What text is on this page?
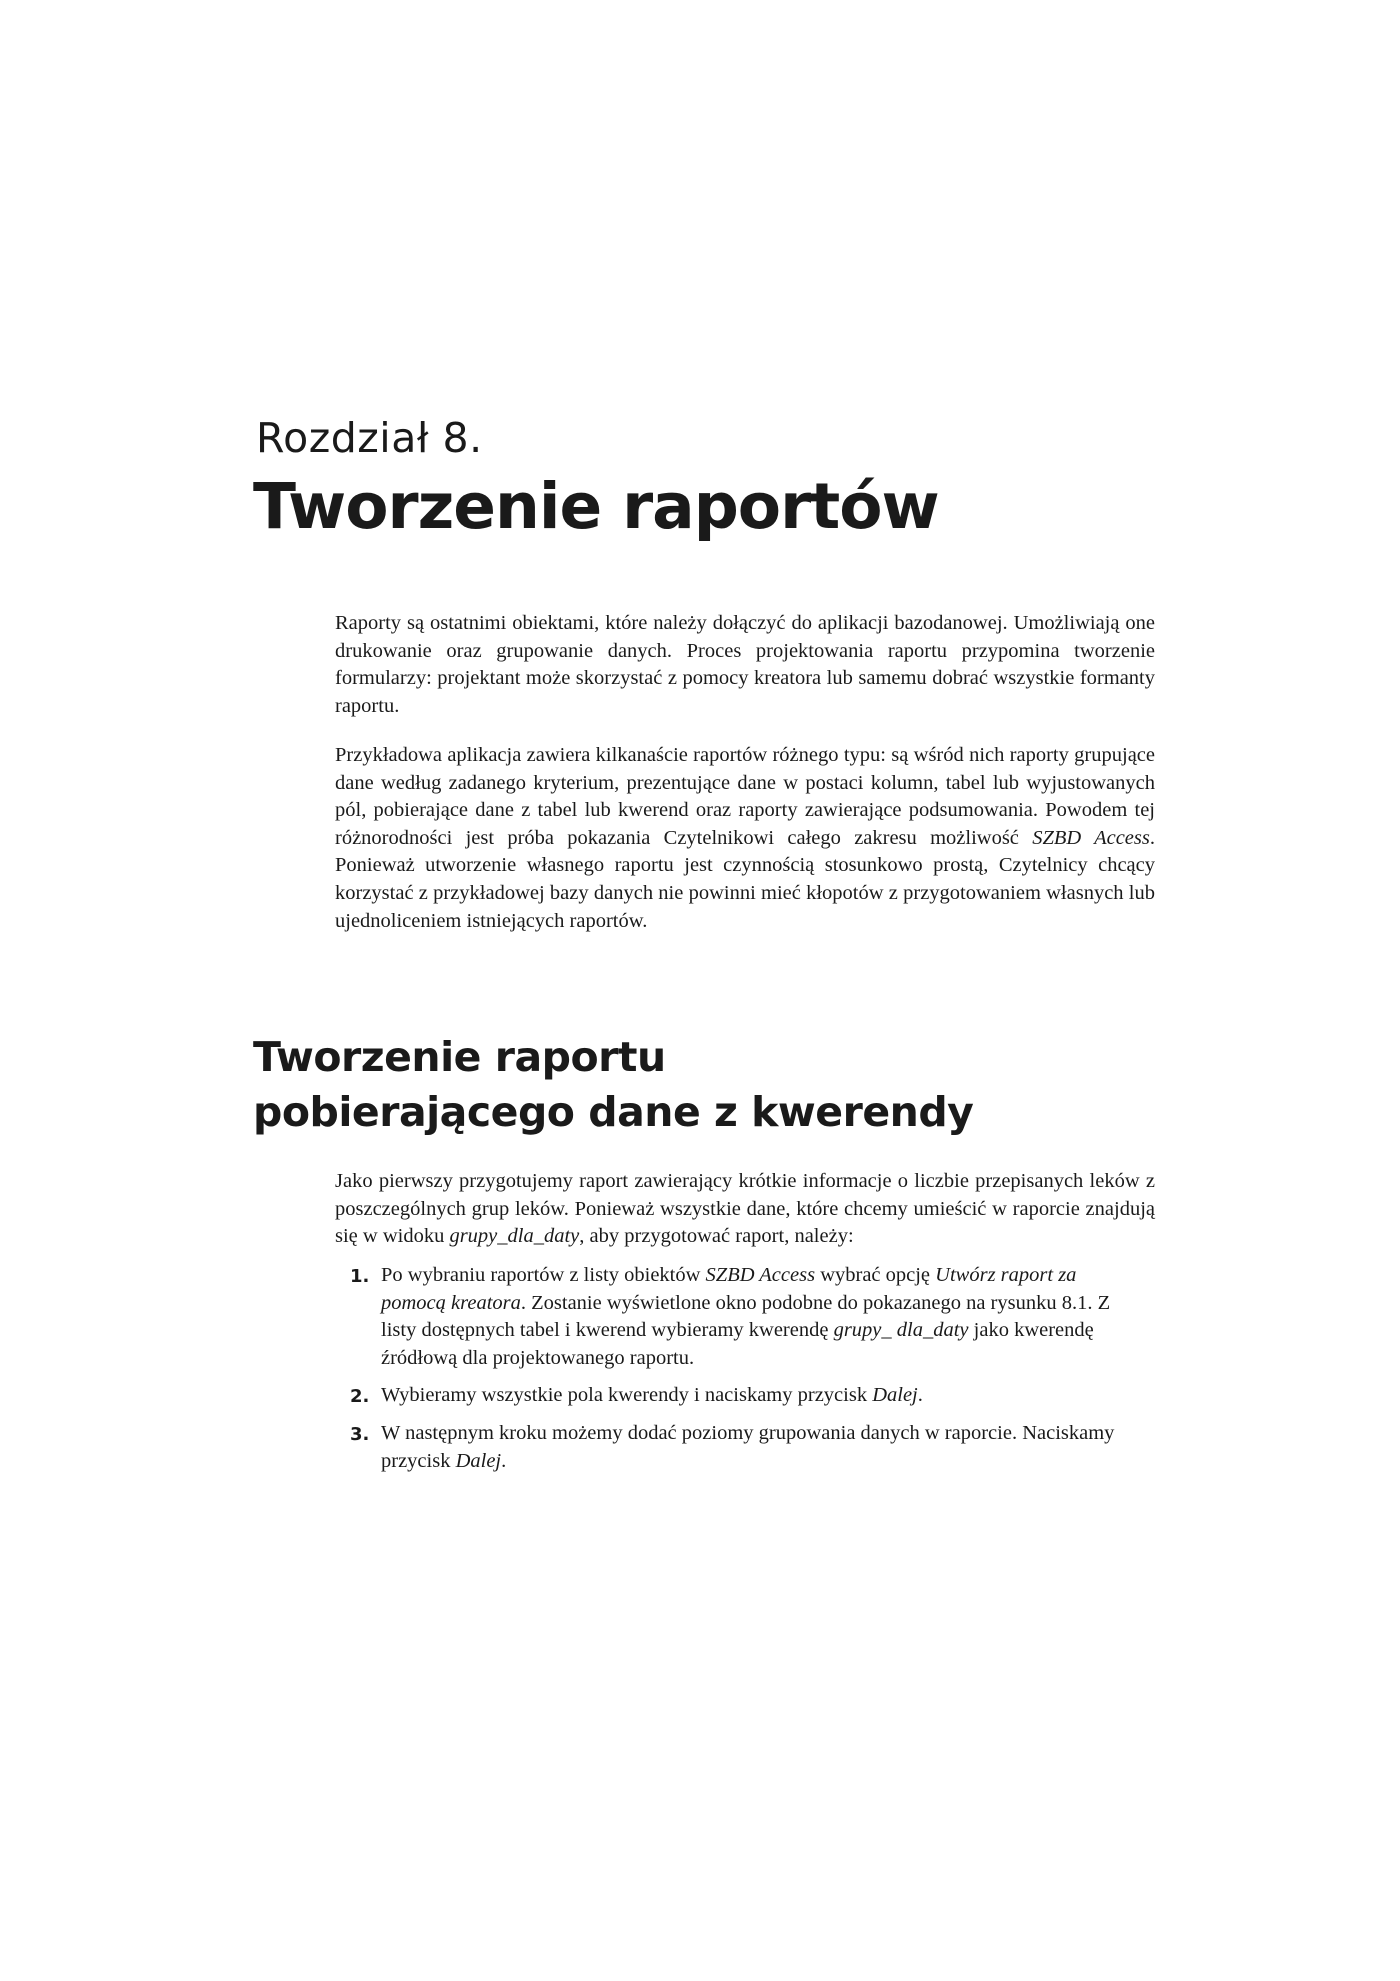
Rozdział 8.
Tworzenie raportów

Raporty są ostatnimi obiektami, które należy dołączyć do aplikacji bazodanowej. Umożliwiają one drukowanie oraz grupowanie danych. Proces projektowania raportu przypomina tworzenie formularzy: projektant może skorzystać z pomocy kreatora lub samemu dobrać wszystkie formanty raportu.

Przykładowa aplikacja zawiera kilkanaście raportów różnego typu: są wśród nich raporty grupujące dane według zadanego kryterium, prezentujące dane w postaci kolumn, tabel lub wyjustowanych pól, pobierające dane z tabel lub kwerend oraz raporty zawierające podsumowania. Powodem tej różnorodności jest próba pokazania Czytelnikowi całego zakresu możliwość SZBD Access. Ponieważ utworzenie własnego raportu jest czynnością stosunkowo prostą, Czytelnicy chcący korzystać z przykładowej bazy danych nie powinni mieć kłopotów z przygotowaniem własnych lub ujednoliceniem istniejących raportów.

Tworzenie raportu
pobierającego dane z kwerendy

Jako pierwszy przygotujemy raport zawierający krótkie informacje o liczbie przepisanych leków z poszczególnych grup leków. Ponieważ wszystkie dane, które chcemy umieścić w raporcie znajdują się w widoku grupy_dla_daty, aby przygotować raport, należy:

1. Po wybraniu raportów z listy obiektów SZBD Access wybrać opcję Utwórz raport za pomocą kreatora. Zostanie wyświetlone okno podobne do pokazanego na rysunku 8.1. Z listy dostępnych tabel i kwerend wybieramy kwerendę grupy_ dla_daty jako kwerendę źródłową dla projektowanego raportu.
2. Wybieramy wszystkie pola kwerendy i naciskamy przycisk Dalej.
3. W następnym kroku możemy dodać poziomy grupowania danych w raporcie. Naciskamy przycisk Dalej.
